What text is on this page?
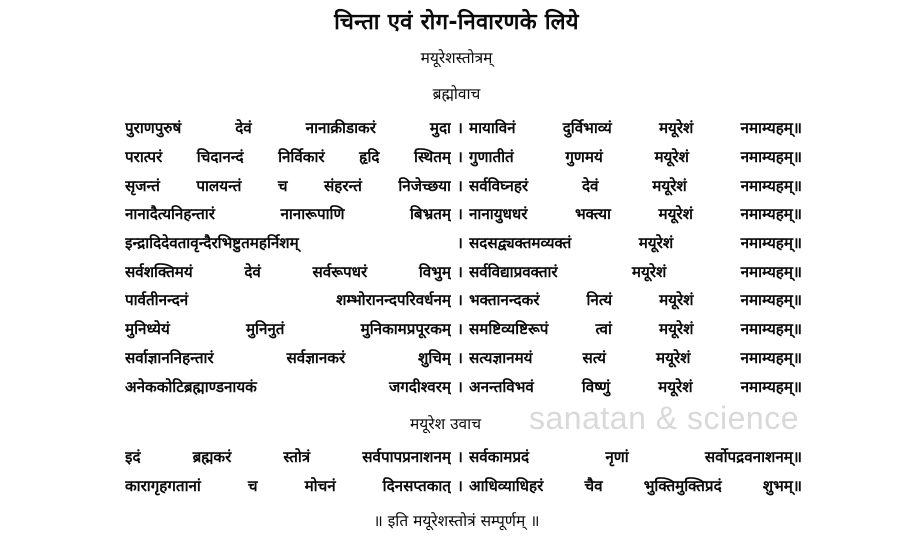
चिन्ता एवं रोग-निवारणके लिये
मयूरेशस्तोत्रम्
ब्रह्मोवाच
पुराणपुरुषं	देवं	नानाक्रीडाकरं	मुदा । मायाविनं	दुर्विभाव्यं	मयूरेशं	नमाम्यहम्॥
परात्परं चिदानन्दं निर्विकारं हृदि स्थितम् । गुणातीतं	गुणमयं	मयूरेशं	नमाम्यहम्॥
सृजन्तं पालयन्तं च संहरन्तं निजेच्छया । सर्वविघ्नहरं	देवं	मयूरेशं	नमाम्यहम्॥
नानादैत्यनिहन्तारं	नानारूपाणि	बिभ्रतम् । नानायुधधरं	भक्त्या	मयूरेशं	नमाम्यहम्॥
इन्द्रादिदेवतावृन्दैरभिष्टुतमहर्निशम्	। सदसद्व्यक्तमव्यक्तं	मयूरेशं	नमाम्यहम्॥
सर्वशक्तिमयं	देवं	सर्वरूपधरं	विभुम् । सर्वविद्याप्रवक्तारं	मयूरेशं	नमाम्यहम्॥
पार्वतीनन्दनं	शम्भोरानन्दपरिवर्धनम् । भक्तानन्दकरं	नित्यं	मयूरेशं	नमाम्यहम्॥
मुनिध्येयं	मुनिनुतं	मुनिकामप्रपूरकम् । समष्टिव्यष्टिरूपं	त्वां	मयूरेशं	नमाम्यहम्॥
सर्वाज्ञाननिहन्तारं	सर्वज्ञानकरं	शुचिम् । सत्यज्ञानमयं	सत्यं	मयूरेशं	नमाम्यहम्॥
अनेककोटिब्रह्माण्डनायकं	जगदीश्वरम् । अनन्तविभवं	विष्णुं	मयूरेशं	नमाम्यहम्॥
मयूरेश उवाच sanatan & science
इदं	ब्रह्मकरं	स्तोत्रं	सर्वपापप्रनाशनम् । सर्वकामप्रदं	नृणां	सर्वोपद्रवनाशनम्॥
कारागृहगतानां	च	मोचनं	दिनसप्तकात् । आधिव्याधिहरं	चैव	भुक्तिमुक्तिप्रदं	शुभम्॥
॥ इति मयूरेशस्तोत्रं सम्पूर्णम् ॥
